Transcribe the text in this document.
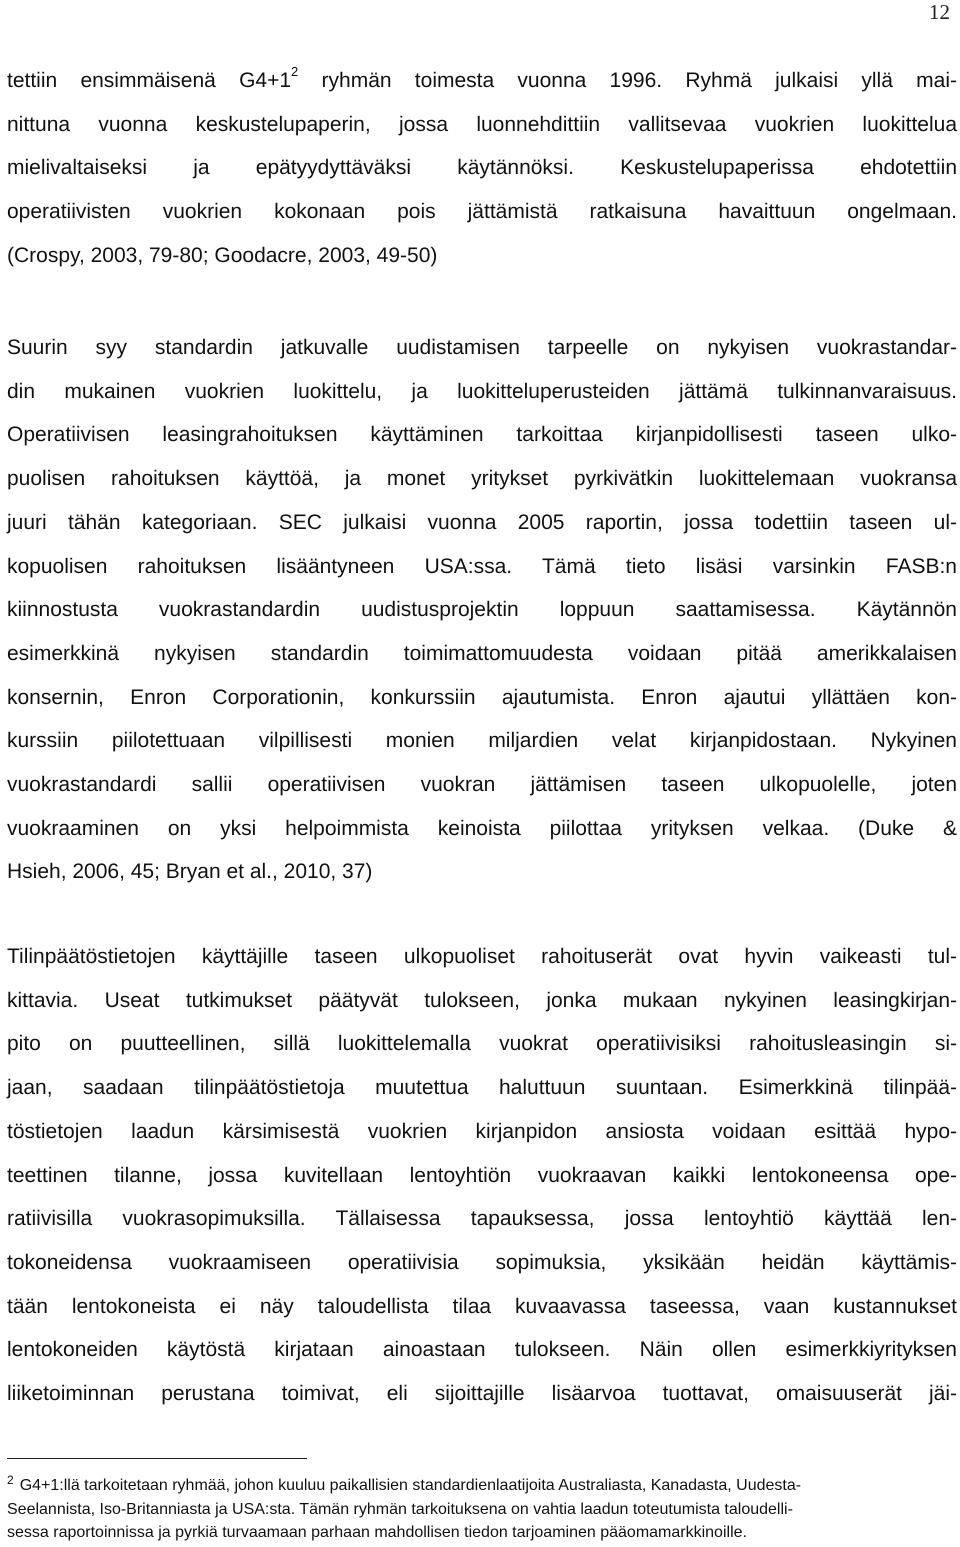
12
tettiin ensimmäisenä $G4+1^2$ ryhmän toimesta vuonna 1996. Ryhmä julkaisi yllä mai-
nittuna vuonna keskustelupaperin, jossa luonnehdittiin vallitsevaa vuokrien luokittelua
mielivaltaiseksi ja epätyydyttäväksi käytännöksi. Keskustelupaperissa ehdotettiin
operatiivisten vuokrien kokonaan pois jättämistä ratkaisuna havaittuun ongelmaan.
(Crospy, 2003, 79-80; Goodacre, 2003, 49-50)
Suurin syy standardin jatkuvalle uudistamisen tarpeelle on nykyisen vuokrastandar-
din mukainen vuokrien luokittelu, ja luokitteluperusteiden jättämä tulkinnanvaraisuus.
Operatiivisen leasingrahoituksen käyttäminen tarkoittaa kirjanpidollisesti taseen ulko-
puolisen rahoituksen käyttöä, ja monet yritykset pyrkivätkin luokittelemaan vuokransa
juuri tähän kategoriaan. SEC julkaisi vuonna 2005 raportin, jossa todettiin taseen ul-
kopuolisen rahoituksen lisääntyneen USA:ssa. Tämä tieto lisäsi varsinkin FASB:n
kiinnostusta vuokrastandardin uudistusprojektin loppuun saattamisessa. Käytännön
esimerkkinä nykyisen standardin toimimattomuudesta voidaan pitää amerikkalaisen
konsernin, Enron Corporationin, konkurssiin ajautumista. Enron ajautui yllättäen kon-
kurssiin piilotettuaan vilpillisesti monien miljardien velat kirjanpidostaan. Nykyinen
vuokrastandardi sallii operatiivisen vuokran jättämisen taseen ulkopuolelle, joten
vuokraaminen on yksi helpoimmista keinoista piilottaa yrityksen velkaa. (Duke &
Hsieh, 2006, 45; Bryan et al., 2010, 37)
Tilinpäätöstietojen käyttäjille taseen ulkopuoliset rahoituserät ovat hyvin vaikeasti tul-
kittavia. Useat tutkimukset päätyvät tulokseen, jonka mukaan nykyinen leasingkirjan-
pito on puutteellinen, sillä luokittelemalla vuokrat operatiivisiksi rahoitusleasingin si-
jaan, saadaan tilinpäätöstietoja muutettua haluttuun suuntaan. Esimerkkinä tilinpää-
töstietojen laadun kärsimisestä vuokrien kirjanpidon ansiosta voidaan esittää hypo-
teettinen tilanne, jossa kuvitellaan lentoyhtiön vuokraavan kaikki lentokoneensa ope-
ratiivisilla vuokrasopimuksilla. Tällaisessa tapauksessa, jossa lentoyhtiö käyttää len-
tokoneidensa vuokraamiseen operatiivisia sopimuksia, yksikään heidän käyttämis-
tään lentokoneista ei näy taloudellista tilaa kuvaavassa taseessa, vaan kustannukset
lentokoneiden käytöstä kirjataan ainoastaan tulokseen. Näin ollen esimerkkiyrityksen
liiketoiminnan perustana toimivat, eli sijoittajille lisäarvoa tuottavat, omaisuuserät jäi-
$^2$ G4+1:llä tarkoitetaan ryhmää, johon kuuluu paikallisien standardienlaatijoita Australiasta, Kanadasta, Uudesta-
Seelannista, Iso-Britanniasta ja USA:sta. Tämän ryhmän tarkoituksena on vahtia laadun toteutumista taloudelli-
sessa raportoinnissa ja pyrkiä turvaamaan parhaan mahdollisen tiedon tarjoaminen pääomamarkkinoille.
